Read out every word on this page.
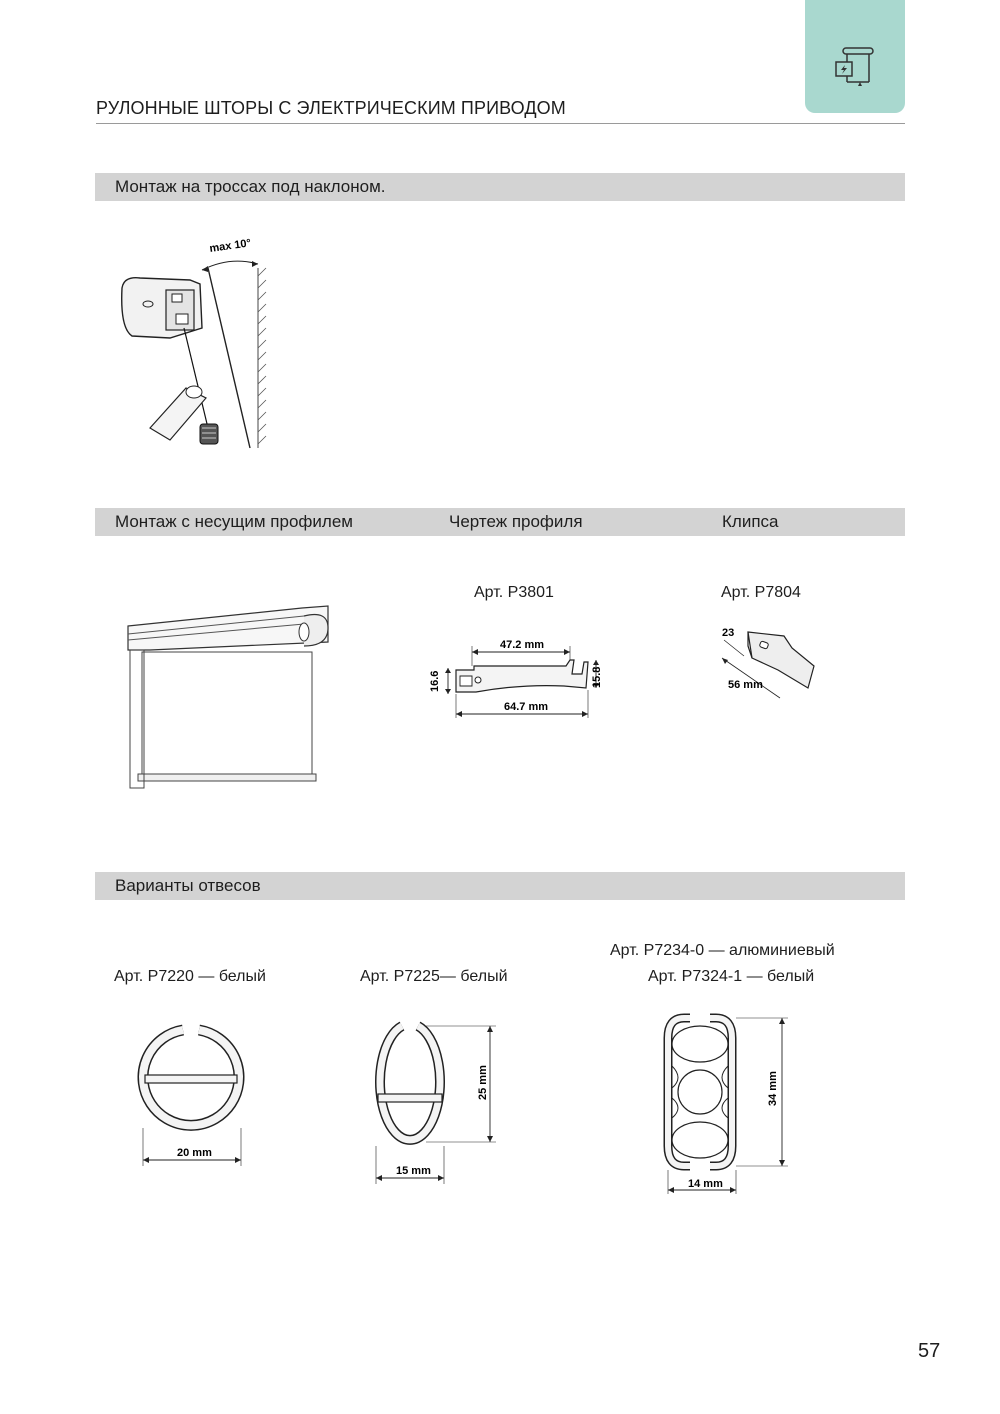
РУЛОННЫЕ ШТОРЫ С ЭЛЕКТРИЧЕСКИМ ПРИВОДОМ
Монтаж на троссах под наклоном.
max 10°
Монтаж с несущим профилем	Чертеж профиля	Клипса
Арт. P3801
47.2 mm
16.6	15.8
64.7 mm
Арт. P7804
23
56 mm
Варианты отвесов
Арт. P7220 — белый	Арт. P7225— белый
Арт. P7234-0 — алюминиевый
Арт. P7324-1 — белый
20 mm
25 mm
15 mm
34 mm
14 mm
57
